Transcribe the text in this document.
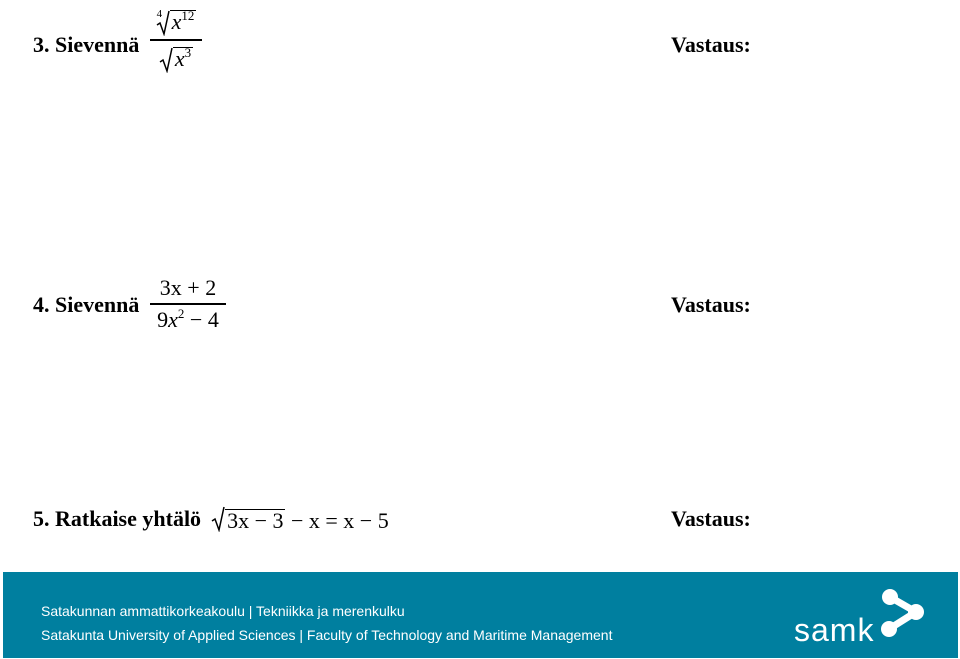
3. Sievennä
4 $x^{12}$
$x^3$	Vastaus:
4. Sievennä
3x + 2
$9x^2 - 4$
Vastaus:
5. Ratkaise yhtälö 3x − 3 − x = x − 5	Vastaus:
Satakunnan ammattikorkeakoulu | Tekniikka ja merenkulku
Satakunta University of Applied Sciences | Faculty of Technology and Maritime Management	samk
